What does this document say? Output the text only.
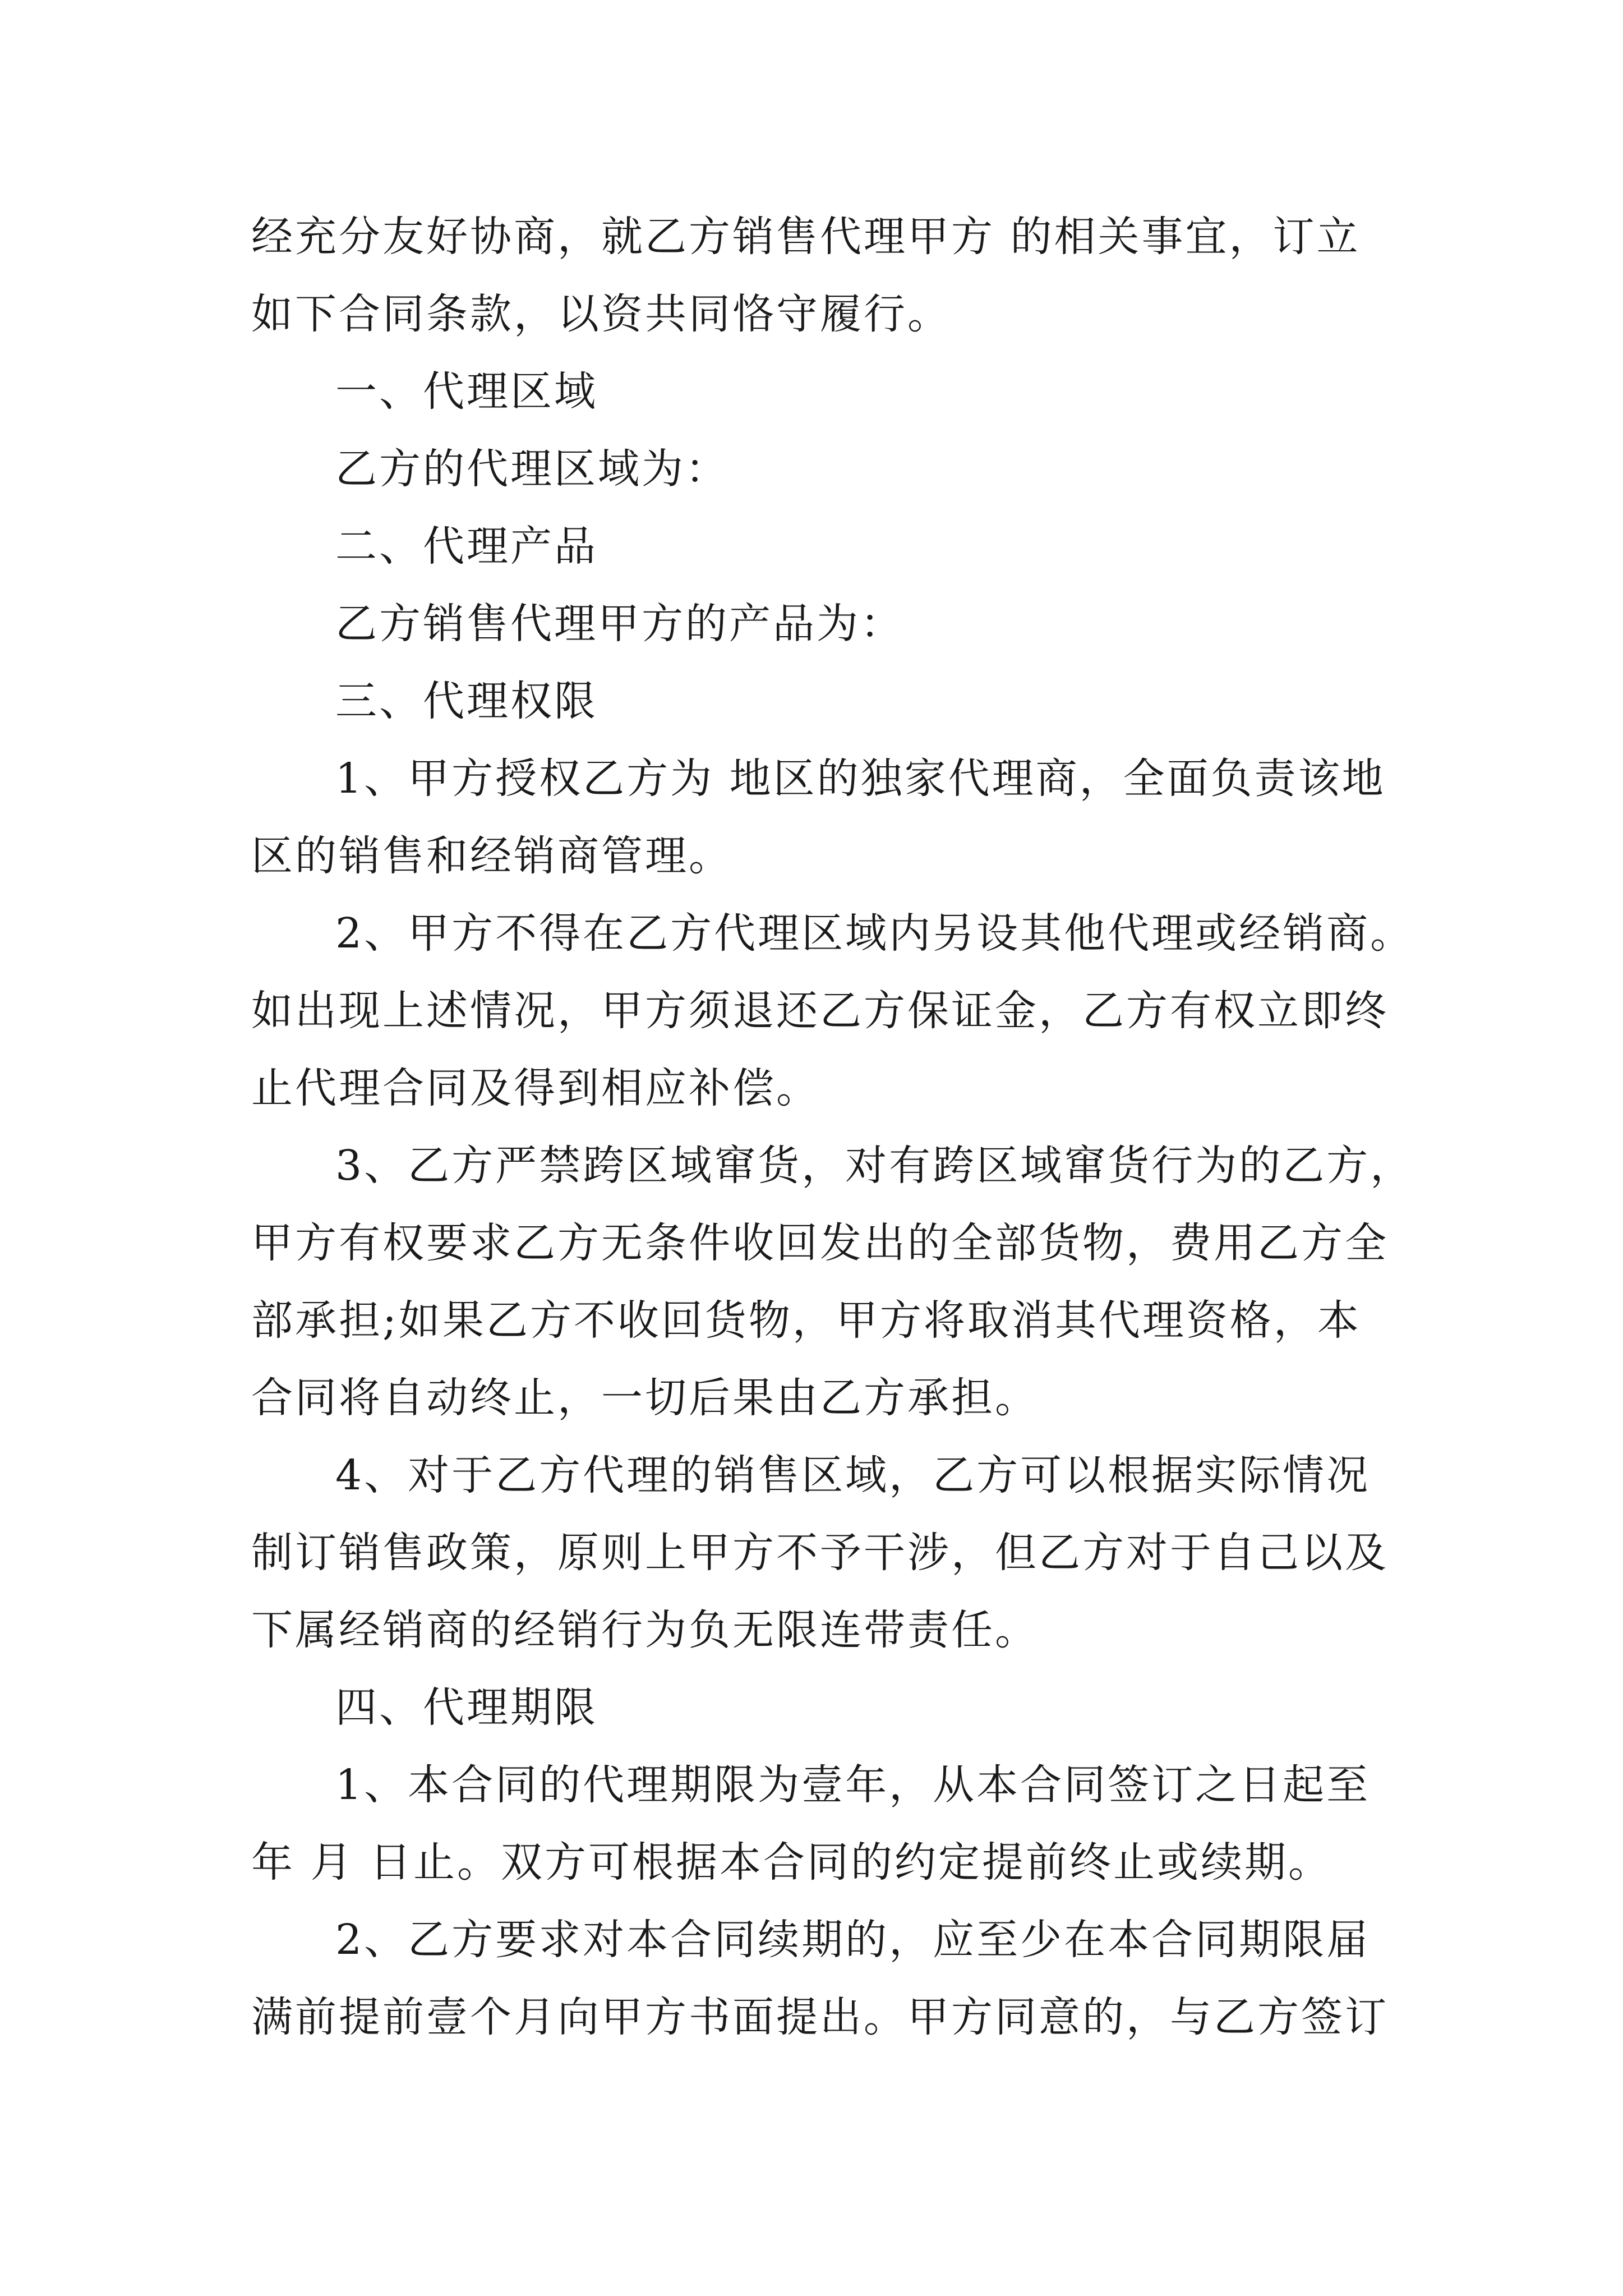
经充分友好协商，就乙方销售代理甲方 的相关事宜，订立
如下合同条款，以资共同恪守履行。
一、代理区域
乙方的代理区域为：
二、代理产品
乙方销售代理甲方的产品为：
三、代理权限
1、甲方授权乙方为 地区的独家代理商，全面负责该地
区的销售和经销商管理。
2、甲方不得在乙方代理区域内另设其他代理或经销商。
如出现上述情况，甲方须退还乙方保证金，乙方有权立即终
止代理合同及得到相应补偿。
3、乙方严禁跨区域窜货，对有跨区域窜货行为的乙方，
甲方有权要求乙方无条件收回发出的全部货物，费用乙方全
部承担;如果乙方不收回货物，甲方将取消其代理资格，本
合同将自动终止，一切后果由乙方承担。
4、对于乙方代理的销售区域，乙方可以根据实际情况
制订销售政策，原则上甲方不予干涉，但乙方对于自己以及
下属经销商的经销行为负无限连带责任。
四、代理期限
1、本合同的代理期限为壹年，从本合同签订之日起至
年 月 日止。双方可根据本合同的约定提前终止或续期。
2、乙方要求对本合同续期的，应至少在本合同期限届
满前提前壹个月向甲方书面提出。甲方同意的，与乙方签订
